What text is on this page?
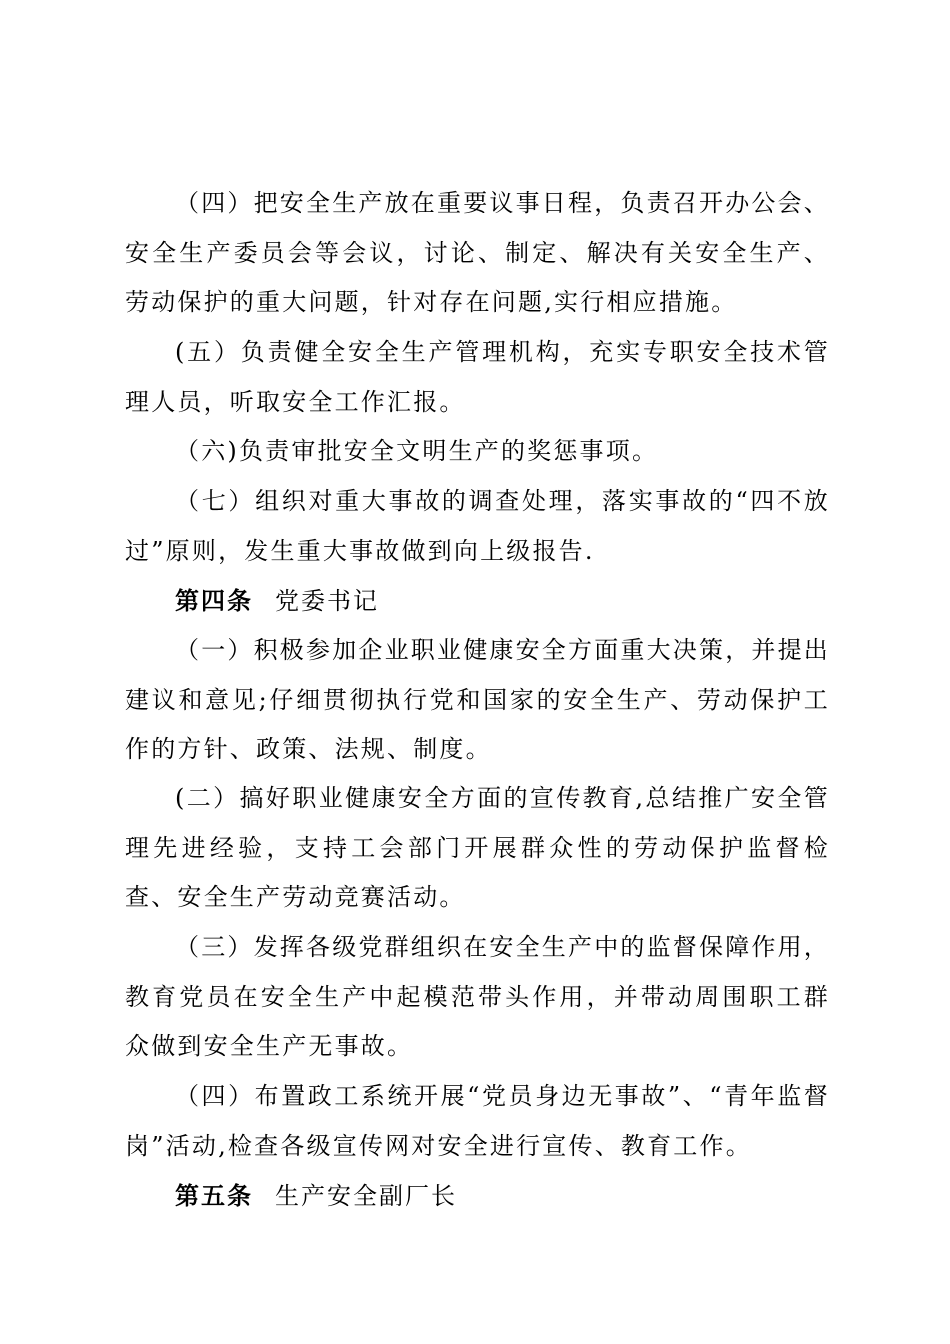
（四）把安全生产放在重要议事日程，负责召开办公会、安全生产委员会等会议，讨论、制定、解决有关安全生产、劳动保护的重大问题，针对存在问题,实行相应措施。

(五）负责健全安全生产管理机构，充实专职安全技术管理人员，听取安全工作汇报。

（六)负责审批安全文明生产的奖惩事项。

（七）组织对重大事故的调查处理，落实事故的“四不放过”原则，发生重大事故做到向上级报告.

第四条 党委书记

（一）积极参加企业职业健康安全方面重大决策，并提出建议和意见;仔细贯彻执行党和国家的安全生产、劳动保护工作的方针、政策、法规、制度。

(二）搞好职业健康安全方面的宣传教育,总结推广安全管理先进经验，支持工会部门开展群众性的劳动保护监督检查、安全生产劳动竞赛活动。

（三）发挥各级党群组织在安全生产中的监督保障作用，教育党员在安全生产中起模范带头作用，并带动周围职工群众做到安全生产无事故。

（四）布置政工系统开展“党员身边无事故”、“青年监督岗”活动,检查各级宣传网对安全进行宣传、教育工作。

第五条 生产安全副厂长
